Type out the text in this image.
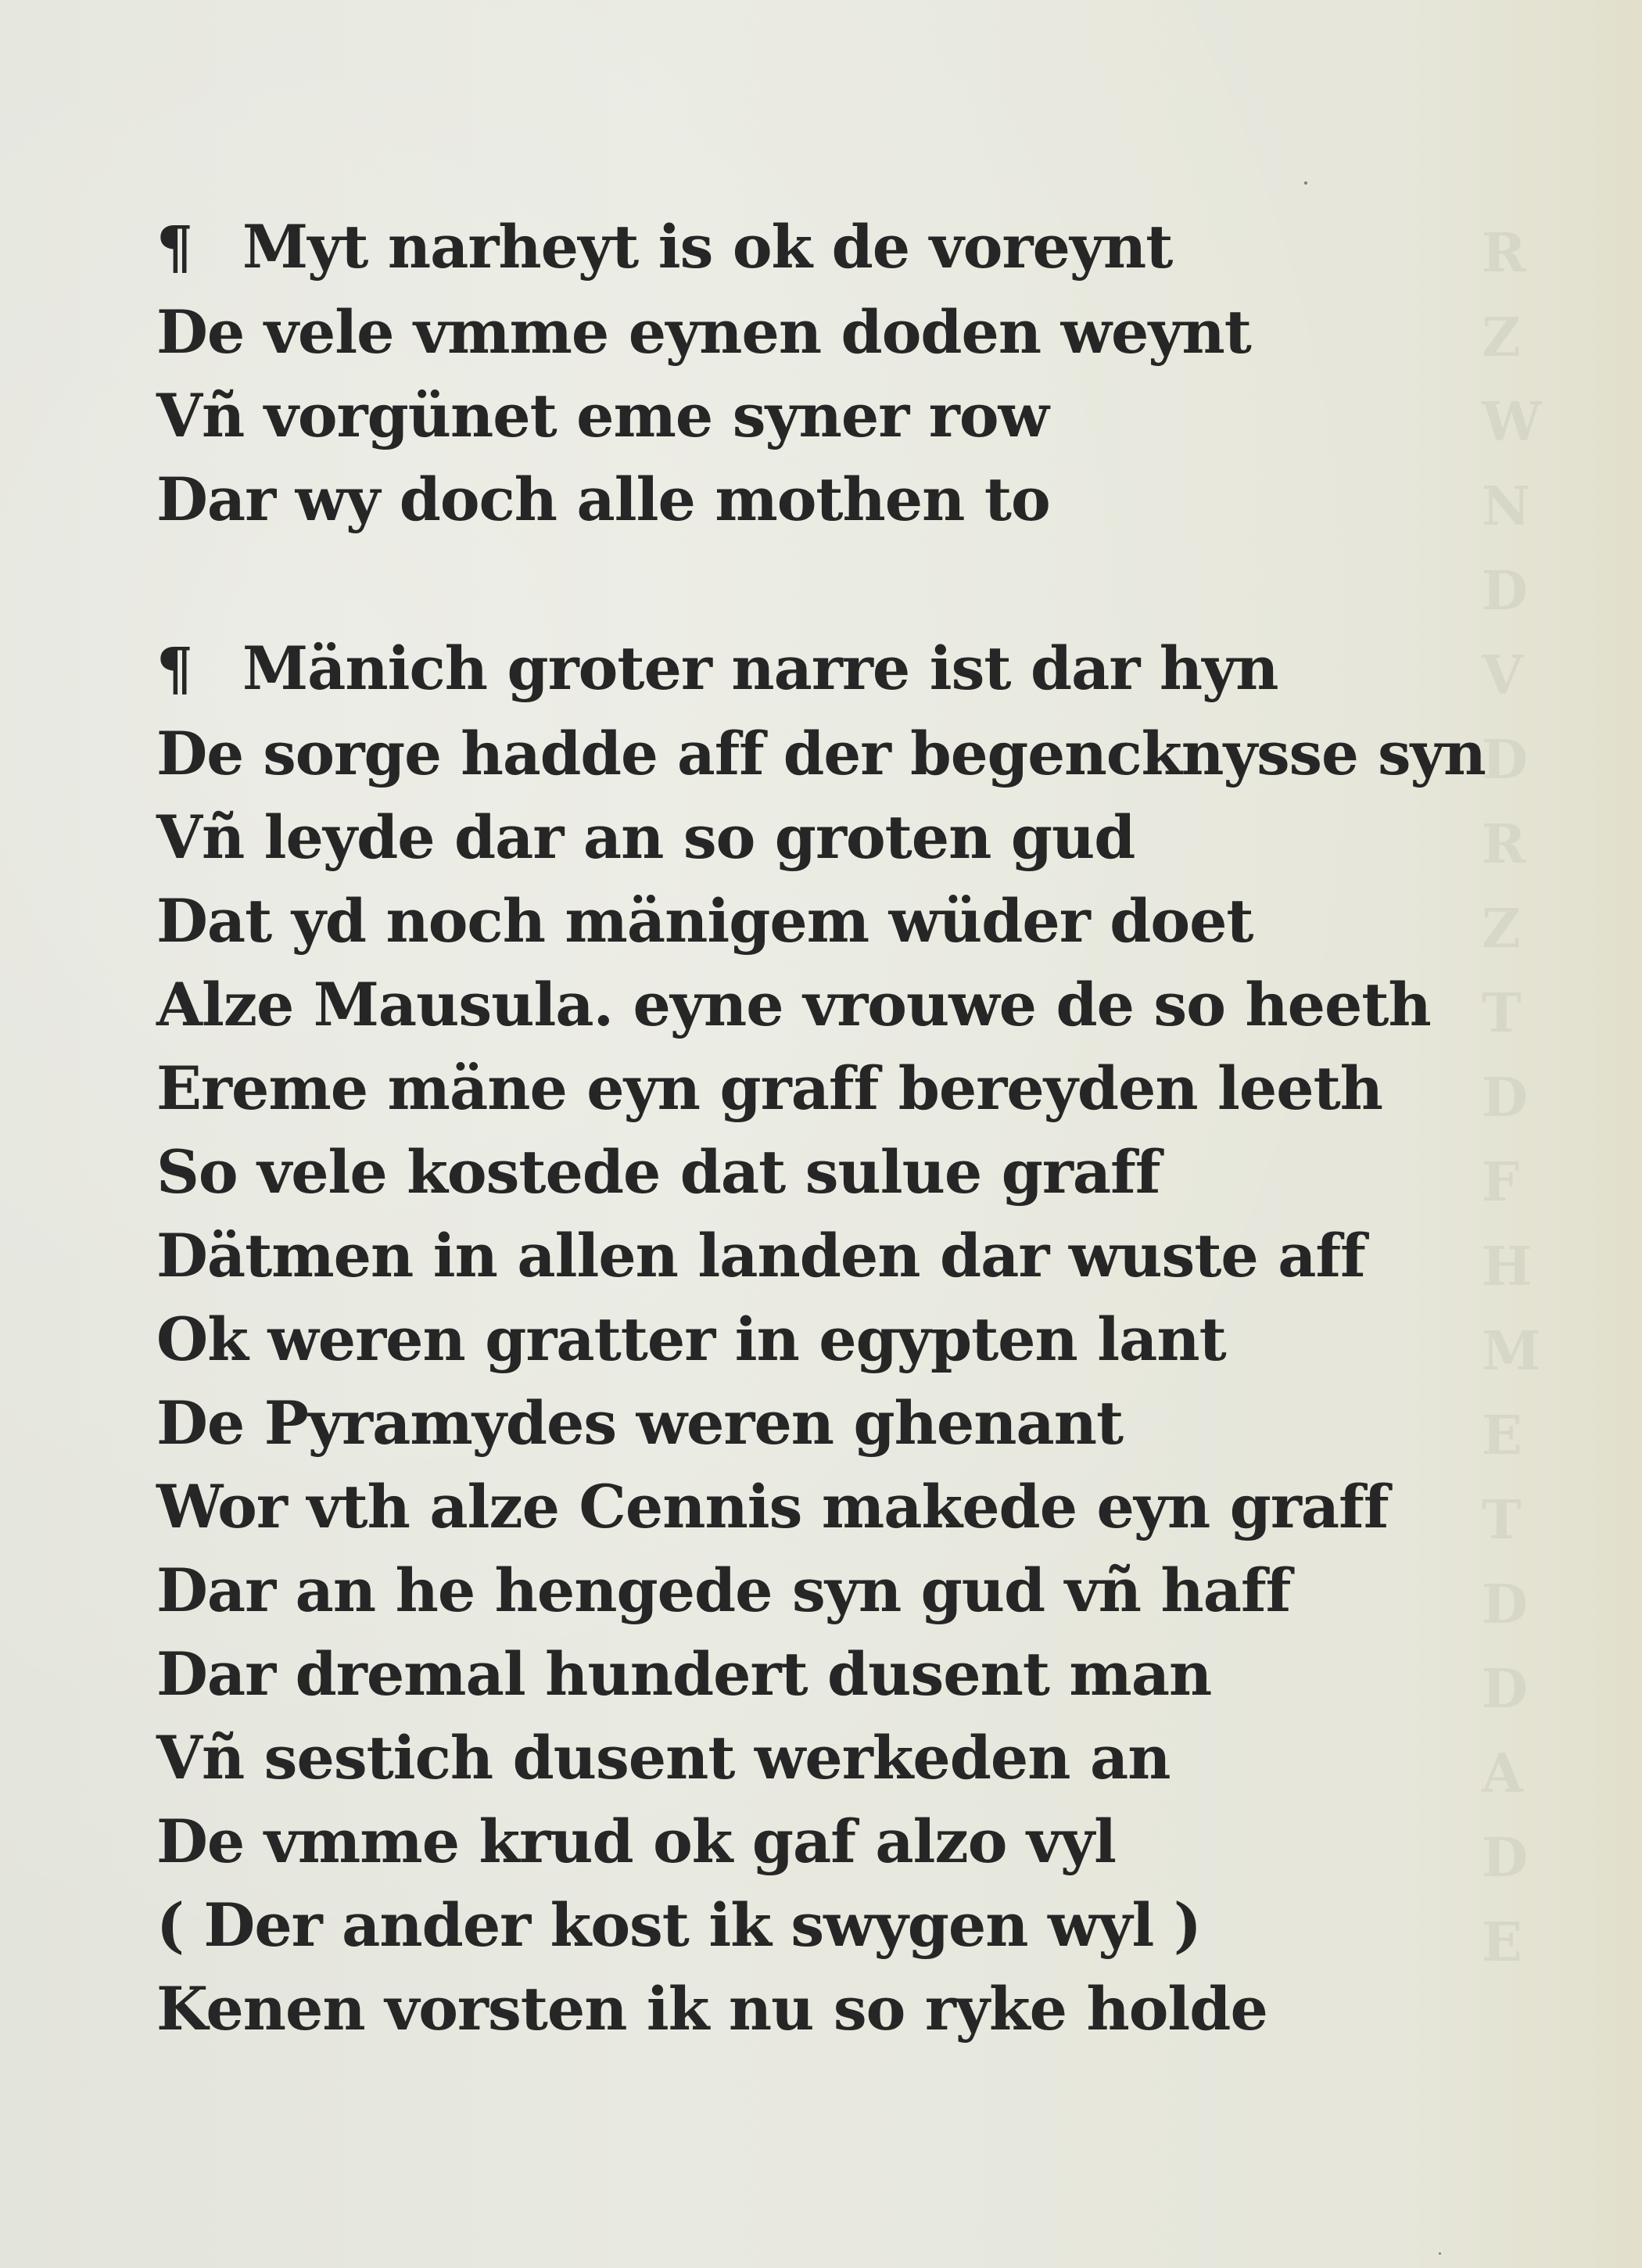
R
Z
W
N
D
V
D
R
Z
T
D
F
H
M
E
T
D
D
A
D
E
¶ Myt narheyt is ok de voreynt
De vele vmme eynen doden weynt
Vñ vorgünet eme syner row
Dar wy doch alle mothen to
¶ Mänich groter narre ist dar hyn
De sorge hadde aff der begencknysse syn
Vñ leyde dar an so groten gud
Dat yd noch mänigem wüder doet
Alze Mausula. eyne vrouwe de so heeth
Ereme mäne eyn graff bereyden leeth
So vele kostede dat sulue graff
Dätmen in allen landen dar wuste aff
Ok weren gratter in egypten lant
De Pyramydes weren ghenant
Wor vth alze Cennis makede eyn graff
Dar an he hengede syn gud vñ haff
Dar dremal hundert dusent man
Vñ sestich dusent werkeden an
De vmme krud ok gaf alzo vyl
( Der ander kost ik swygen wyl )
Kenen vorsten ik nu so ryke holde
